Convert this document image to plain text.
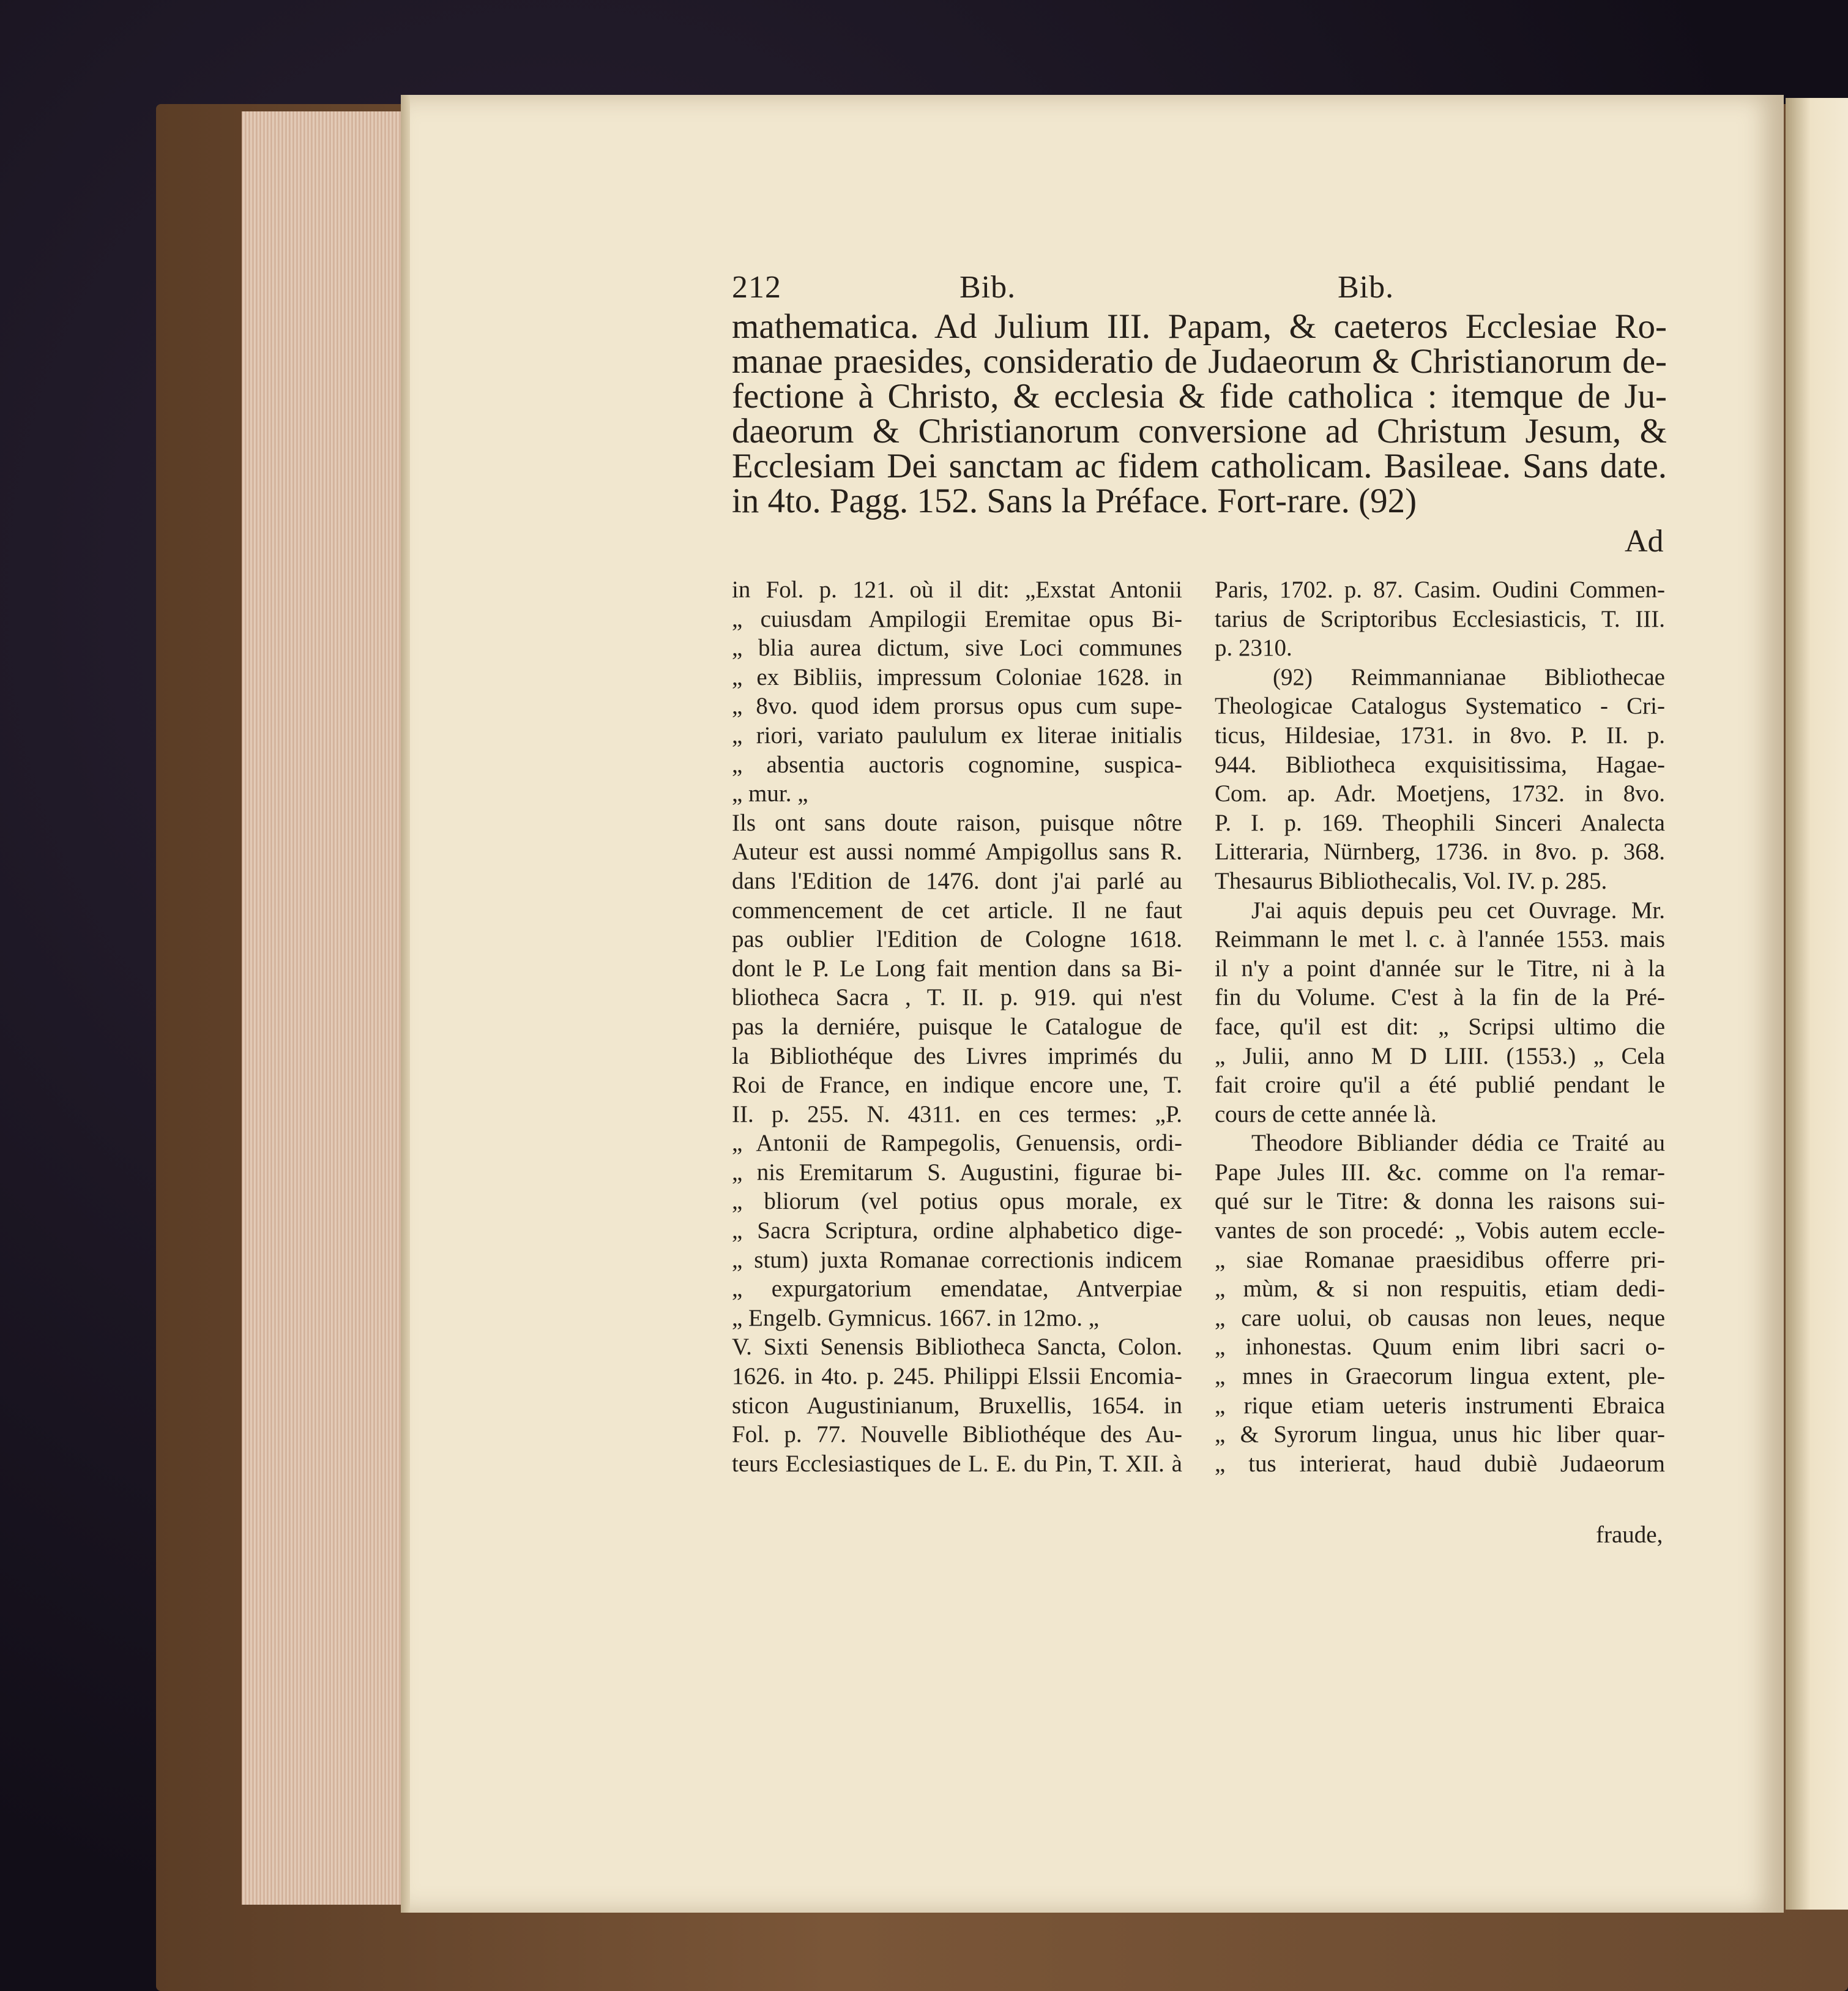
212	Bib.	Bib.
mathematica. Ad Julium III. Papam, & caeteros Ecclesiae Ro-
manae praesides, consideratio de Judaeorum & Christianorum de-
fectione à Christo, & ecclesia & fide catholica : itemque de Ju-
daeorum & Christianorum conversione ad Christum Jesum, &
Ecclesiam Dei sanctam ac fidem catholicam. Basileae. Sans date.
in 4to. Pagg. 152. Sans la Préface. Fort-rare. (92)
Ad
in Fol. p. 121. où il dit: „Exstat Antonii
„ cuiusdam Ampilogii Eremitae opus Bi-
„ blia aurea dictum, sive Loci communes
„ ex Bibliis, impressum Coloniae 1628. in
„ 8vo. quod idem prorsus opus cum supe-
„ riori, variato paululum ex literae initialis
„ absentia auctoris cognomine, suspica-
„ mur. „
Ils ont sans doute raison, puisque nôtre
Auteur est aussi nommé Ampigollus sans R.
dans l'Edition de 1476. dont j'ai parlé au
commencement de cet article. Il ne faut
pas oublier l'Edition de Cologne 1618.
dont le P. Le Long fait mention dans sa Bi-
bliotheca Sacra , T. II. p. 919. qui n'est
pas la derniére, puisque le Catalogue de
la Bibliothéque des Livres imprimés du
Roi de France, en indique encore une, T.
II. p. 255. N. 4311. en ces termes: „P.
„ Antonii de Rampegolis, Genuensis, ordi-
„ nis Eremitarum S. Augustini, figurae bi-
„ bliorum (vel potius opus morale, ex
„ Sacra Scriptura, ordine alphabetico dige-
„ stum) juxta Romanae correctionis indicem
„ expurgatorium emendatae, Antverpiae
„ Engelb. Gymnicus. 1667. in 12mo. „
V. Sixti Senensis Bibliotheca Sancta, Colon.
1626. in 4to. p. 245. Philippi Elssii Encomia-
sticon Augustinianum, Bruxellis, 1654. in
Fol. p. 77. Nouvelle Bibliothéque des Au-
teurs Ecclesiastiques de L. E. du Pin, T. XII. à
Paris, 1702. p. 87. Casim. Oudini Commen-
tarius de Scriptoribus Ecclesiasticis, T. III.
p. 2310.
(92) Reimmannianae Bibliothecae
Theologicae Catalogus Systematico - Cri-
ticus, Hildesiae, 1731. in 8vo. P. II. p.
944. Bibliotheca exquisitissima, Hagae-
Com. ap. Adr. Moetjens, 1732. in 8vo.
P. I. p. 169. Theophili Sinceri Analecta
Litteraria, Nürnberg, 1736. in 8vo. p. 368.
Thesaurus Bibliothecalis, Vol. IV. p. 285.
J'ai aquis depuis peu cet Ouvrage. Mr.
Reimmann le met l. c. à l'année 1553. mais
il n'y a point d'année sur le Titre, ni à la
fin du Volume. C'est à la fin de la Pré-
face, qu'il est dit: „ Scripsi ultimo die
„ Julii, anno M D LIII. (1553.) „ Cela
fait croire qu'il a été publié pendant le
cours de cette année là.
Theodore Bibliander dédia ce Traité au
Pape Jules III. &c. comme on l'a remar-
qué sur le Titre: & donna les raisons sui-
vantes de son procedé: „ Vobis autem eccle-
„ siae Romanae praesidibus offerre pri-
„ mùm, & si non respuitis, etiam dedi-
„ care uolui, ob causas non leues, neque
„ inhonestas. Quum enim libri sacri o-
„ mnes in Graecorum lingua extent, ple-
„ rique etiam ueteris instrumenti Ebraica
„ & Syrorum lingua, unus hic liber quar-
„ tus interierat, haud dubiè Judaeorum
fraude,
